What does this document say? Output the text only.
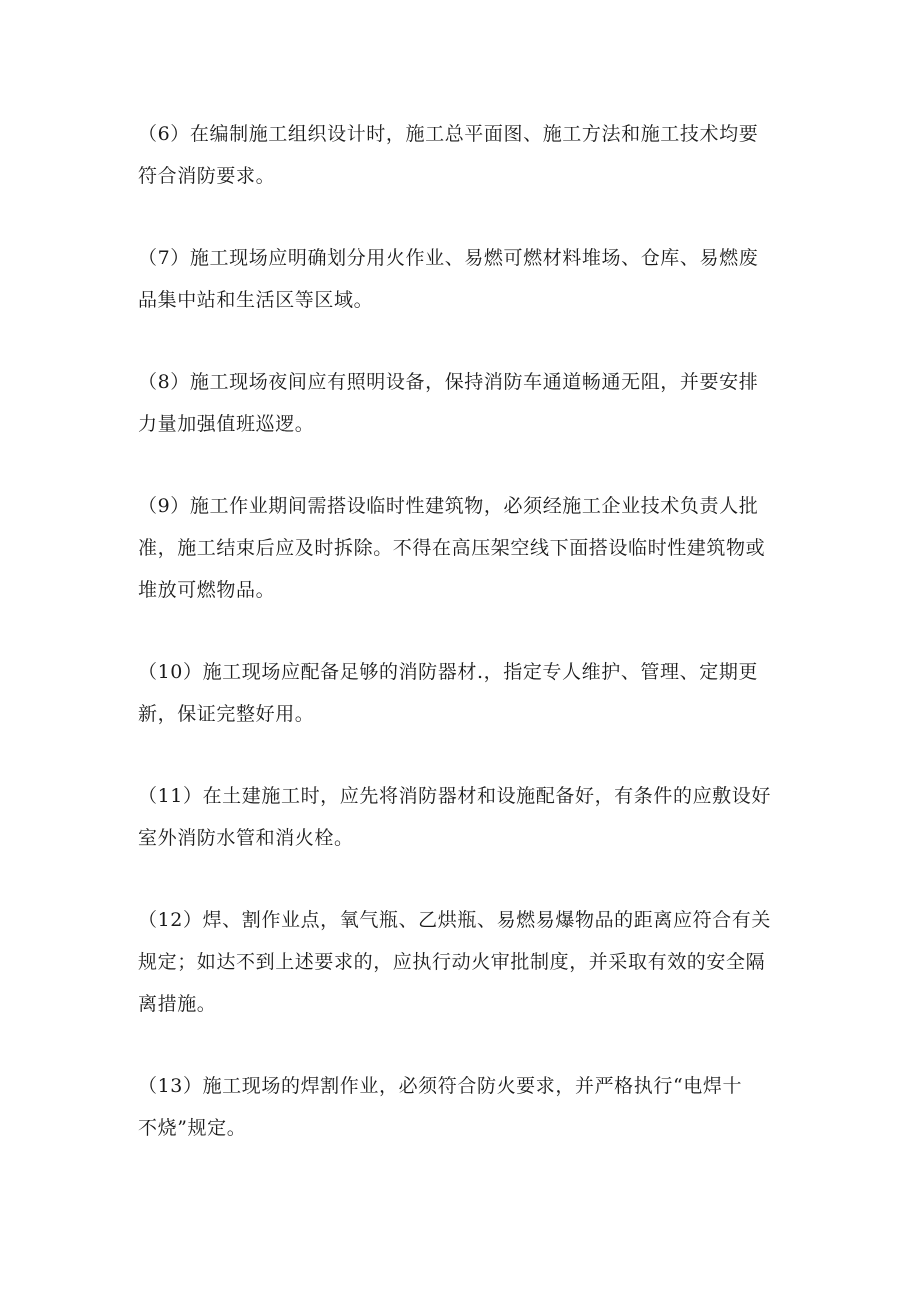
（6）在编制施工组织设计时，施工总平面图、施工方法和施工技术均要
符合消防要求。

（7）施工现场应明确划分用火作业、易燃可燃材料堆场、仓库、易燃废
品集中站和生活区等区域。

（8）施工现场夜间应有照明设备，保持消防车通道畅通无阻，并要安排
力量加强值班巡逻。

（9）施工作业期间需搭设临时性建筑物，必须经施工企业技术负责人批
准，施工结束后应及时拆除。不得在高压架空线下面搭设临时性建筑物或
堆放可燃物品。

（10）施工现场应配备足够的消防器材.，指定专人维护、管理、定期更
新，保证完整好用。

（11）在土建施工时，应先将消防器材和设施配备好，有条件的应敷设好
室外消防水管和消火栓。

（12）焊、割作业点，氧气瓶、乙烘瓶、易燃易爆物品的距离应符合有关
规定；如达不到上述要求的，应执行动火审批制度，并采取有效的安全隔
离措施。

（13）施工现场的焊割作业，必须符合防火要求，并严格执行“电焊十
不烧”规定。
